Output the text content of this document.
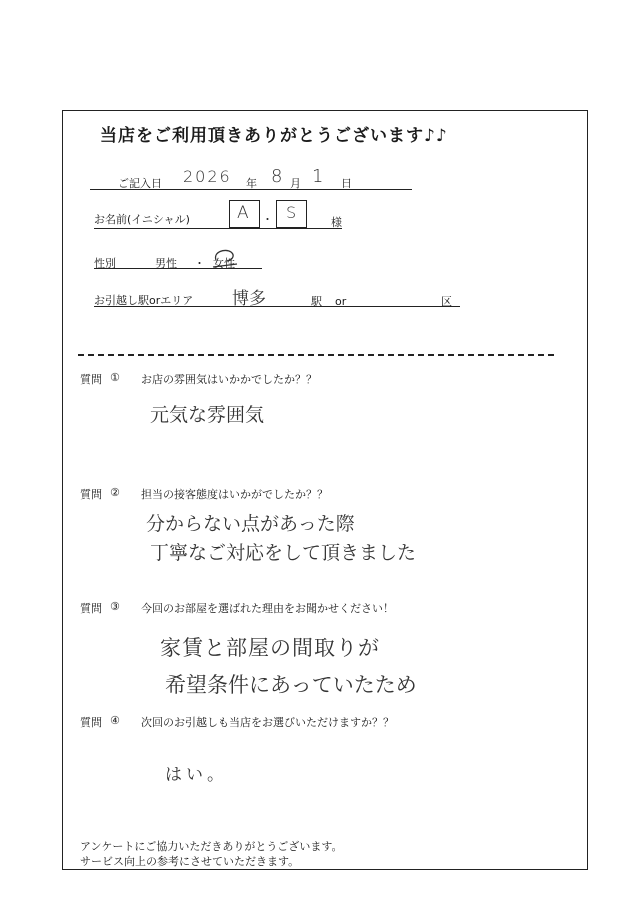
当店をご利用頂きありがとうございます♪♪
ご記入日 2026 年 8 月 1 日
お名前(イニシャル)	A ・ S
様
性別	男性 ・ 女性
お引越し駅orエリア 博多	駅 or	区
質問 ① お店の雰囲気はいかかでしたか？？
元気な雰囲気
質問 ② 担当の接客態度はいかがでしたか？？
分からない点があった際
丁寧なご対応をして頂きました
質問 ③ 今回のお部屋を選ばれた理由をお聞かせください！
家賃と部屋の間取りが
希望条件にあっていたため
質問 ④ 次回のお引越しも当店をお選びいただけますか？？
はい。
アンケートにご協力いただきありがとうございます。
サービス向上の参考にさせていただきます。
